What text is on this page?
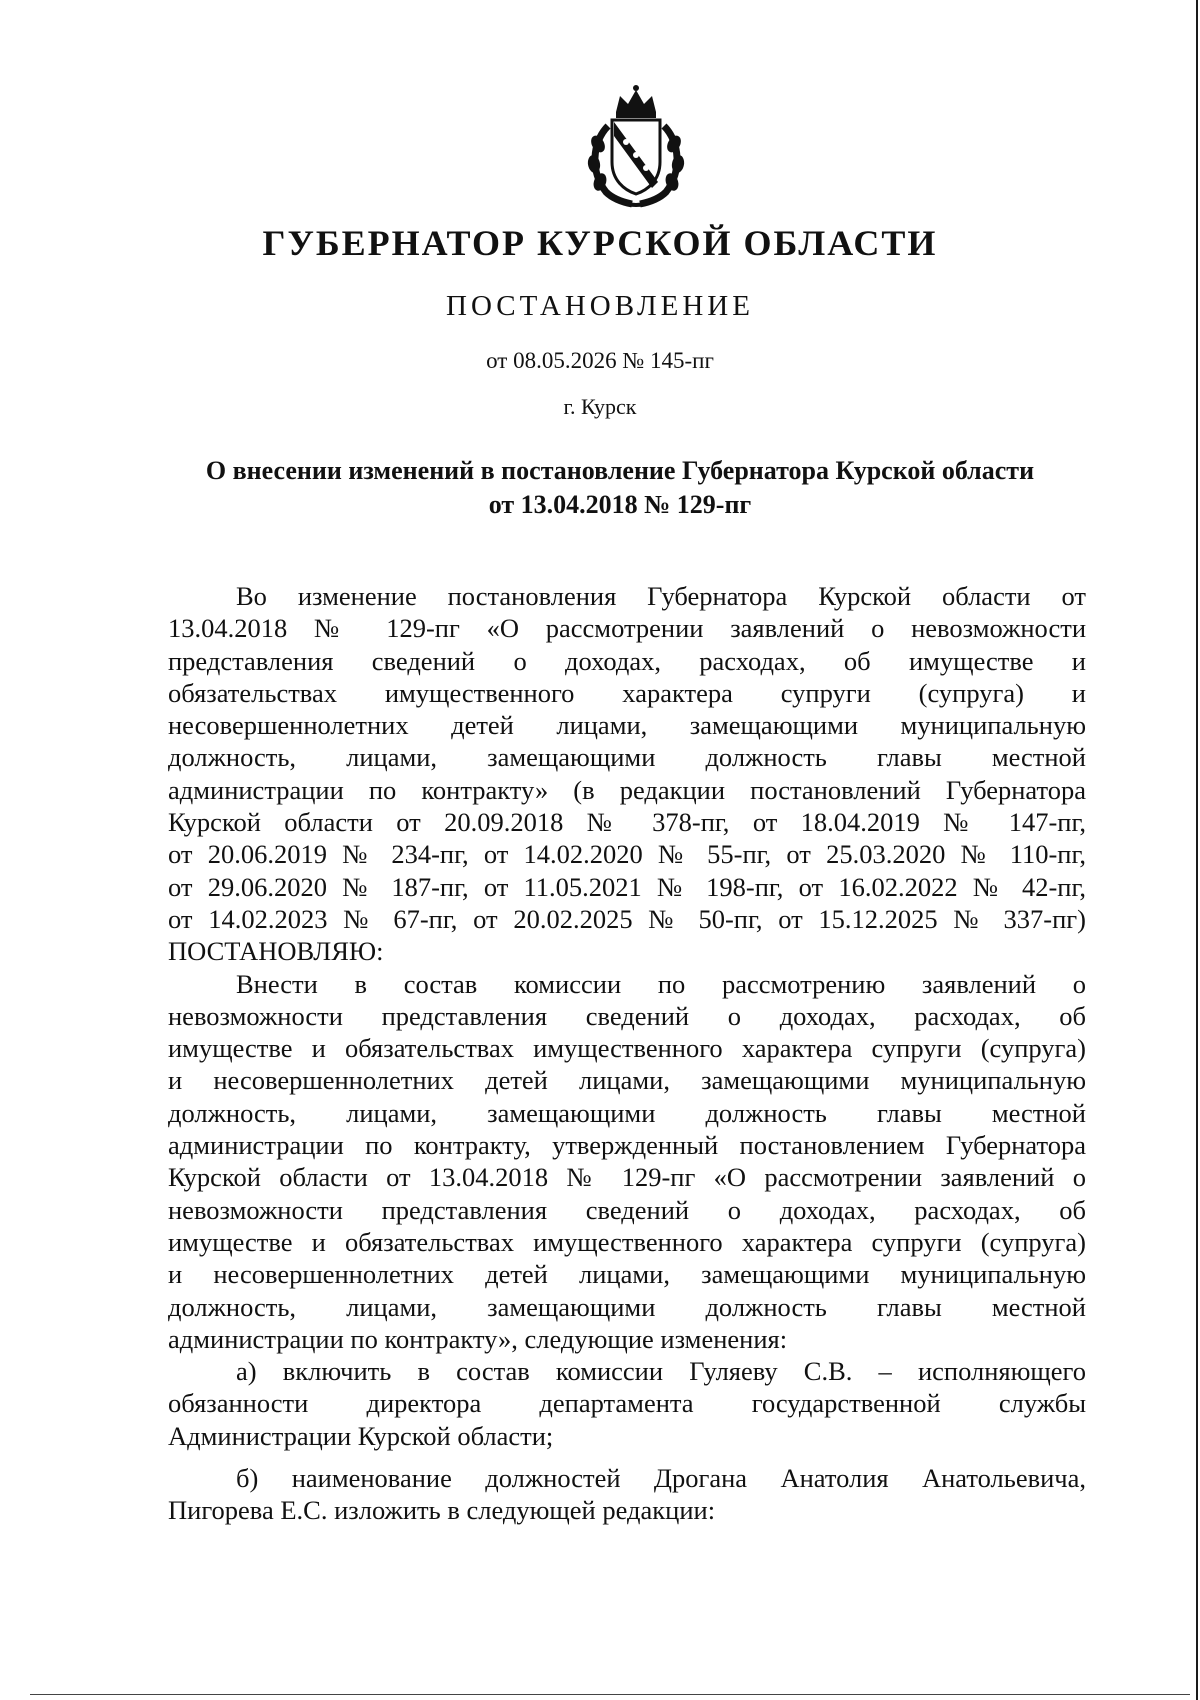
ГУБЕРНАТОР КУРСКОЙ ОБЛАСТИ
ПОСТАНОВЛЕНИЕ
от 08.05.2026 № 145-пг
г. Курск
О внесении изменений в постановление Губернатора Курской области
от 13.04.2018 № 129-пг

Во изменение постановления Губернатора Курской области от
13.04.2018 № 129-пг «О рассмотрении заявлений о невозможности
представления сведений о доходах, расходах, об имуществе и
обязательствах имущественного характера супруги (супруга) и
несовершеннолетних детей лицами, замещающими муниципальную
должность, лицами, замещающими должность главы местной
администрации по контракту» (в редакции постановлений Губернатора
Курской области от 20.09.2018 № 378-пг, от 18.04.2019 № 147-пг,
от 20.06.2019 № 234-пг, от 14.02.2020 № 55-пг, от 25.03.2020 № 110-пг,
от 29.06.2020 № 187-пг, от 11.05.2021 № 198-пг, от 16.02.2022 № 42-пг,
от 14.02.2023 № 67-пг, от 20.02.2025 № 50-пг, от 15.12.2025 № 337-пг)
ПОСТАНОВЛЯЮ:

Внести в состав комиссии по рассмотрению заявлений о
невозможности представления сведений о доходах, расходах, об
имуществе и обязательствах имущественного характера супруги (супруга)
и несовершеннолетних детей лицами, замещающими муниципальную
должность, лицами, замещающими должность главы местной
администрации по контракту, утвержденный постановлением Губернатора
Курской области от 13.04.2018 № 129-пг «О рассмотрении заявлений о
невозможности представления сведений о доходах, расходах, об
имуществе и обязательствах имущественного характера супруги (супруга)
и несовершеннолетних детей лицами, замещающими муниципальную
должность, лицами, замещающими должность главы местной
администрации по контракту», следующие изменения:

а) включить в состав комиссии Гуляеву С.В. – исполняющего
обязанности директора департамента государственной службы
Администрации Курской области;

б) наименование должностей Дрогана Анатолия Анатольевича,
Пигорева Е.С. изложить в следующей редакции:
